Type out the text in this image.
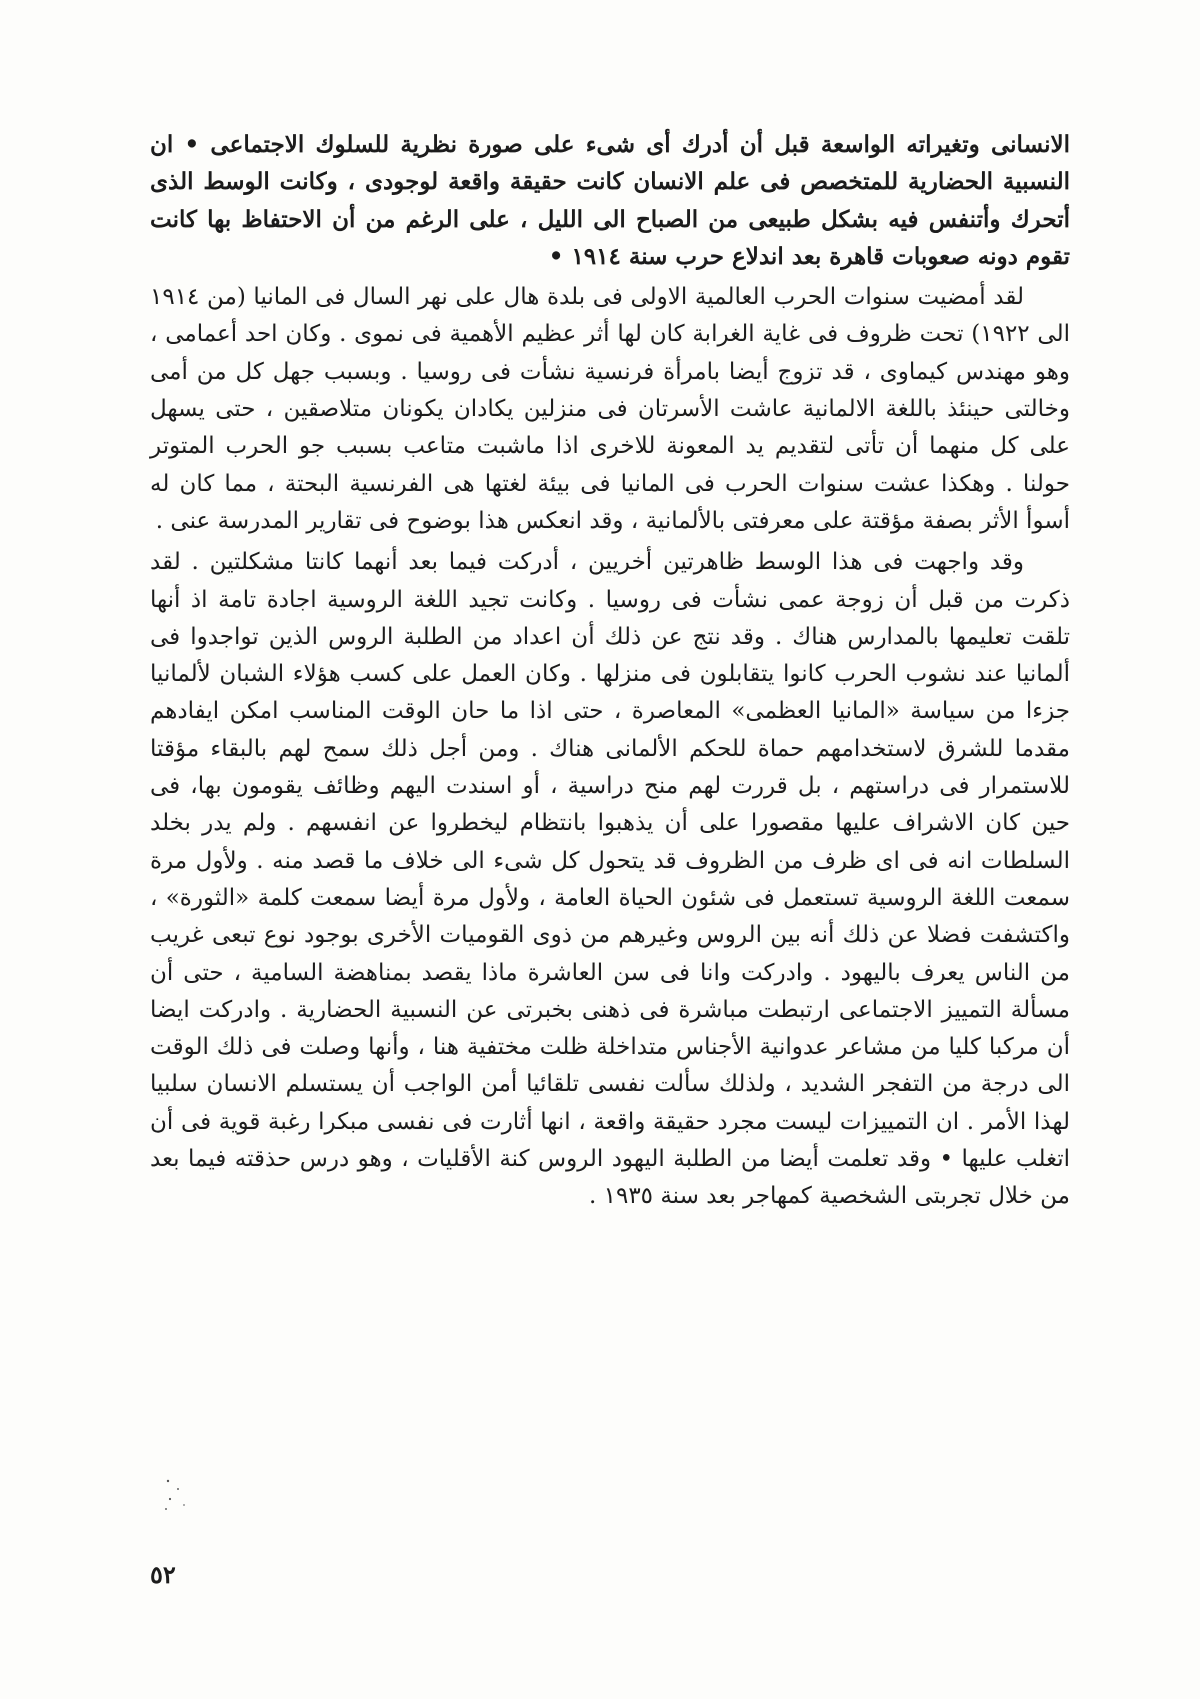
الانسانى وتغيراته الواسعة قبل أن أدرك أى شىء على صورة نظرية للسلوك الاجتماعى • ان النسبية الحضارية للمتخصص فى علم الانسان كانت حقيقة واقعة لوجودى ، وكانت الوسط الذى أتحرك وأتنفس فيه بشكل طبيعى من الصباح الى الليل ، على الرغم من أن الاحتفاظ بها كانت تقوم دونه صعوبات قاهرة بعد اندلاع حرب سنة ١٩١٤ •

لقد أمضيت سنوات الحرب العالمية الاولى فى بلدة هال على نهر السال فى المانيا (من ١٩١٤ الى ١٩٢٢) تحت ظروف فى غاية الغرابة كان لها أثر عظيم الأهمية فى نموى . وكان احد أعمامى ، وهو مهندس كيماوى ، قد تزوج أيضا بامرأة فرنسية نشأت فى روسيا . وبسبب جهل كل من أمى وخالتى حينئذ باللغة الالمانية عاشت الأسرتان فى منزلين يكادان يكونان متلاصقين ، حتى يسهل على كل منهما أن تأتى لتقديم يد المعونة للاخرى اذا ماشبت متاعب بسبب جو الحرب المتوتر حولنا . وهكذا عشت سنوات الحرب فى المانيا فى بيئة لغتها هى الفرنسية البحتة ، مما كان له أسوأ الأثر بصفة مؤقتة على معرفتى بالألمانية ، وقد انعكس هذا بوضوح فى تقارير المدرسة عنى .

وقد واجهت فى هذا الوسط ظاهرتين أخريين ، أدركت فيما بعد أنهما كانتا مشكلتين . لقد ذكرت من قبل أن زوجة عمى نشأت فى روسيا . وكانت تجيد اللغة الروسية اجادة تامة اذ أنها تلقت تعليمها بالمدارس هناك . وقد نتج عن ذلك أن اعداد من الطلبة الروس الذين تواجدوا فى ألمانيا عند نشوب الحرب كانوا يتقابلون فى منزلها . وكان العمل على كسب هؤلاء الشبان لألمانيا جزءا من سياسة «المانيا العظمى» المعاصرة ، حتى اذا ما حان الوقت المناسب امكن ايفادهم مقدما للشرق لاستخدامهم حماة للحكم الألمانى هناك . ومن أجل ذلك سمح لهم بالبقاء مؤقتا للاستمرار فى دراستهم ، بل قررت لهم منح دراسية ، أو اسندت اليهم وظائف يقومون بها، فى حين كان الاشراف عليها مقصورا على أن يذهبوا بانتظام ليخطروا عن انفسهم . ولم يدر بخلد السلطات انه فى اى ظرف من الظروف قد يتحول كل شىء الى خلاف ما قصد منه . ولأول مرة سمعت اللغة الروسية تستعمل فى شئون الحياة العامة ، ولأول مرة أيضا سمعت كلمة «الثورة» ، واكتشفت فضلا عن ذلك أنه بين الروس وغيرهم من ذوى القوميات الأخرى بوجود نوع تبعى غريب من الناس يعرف باليهود . وادركت وانا فى سن العاشرة ماذا يقصد بمناهضة السامية ، حتى أن مسألة التمييز الاجتماعى ارتبطت مباشرة فى ذهنى بخبرتى عن النسبية الحضارية . وادركت ايضا أن مركبا كليا من مشاعر عدوانية الأجناس متداخلة ظلت مختفية هنا ، وأنها وصلت فى ذلك الوقت الى درجة من التفجر الشديد ، ولذلك سألت نفسى تلقائيا أمن الواجب أن يستسلم الانسان سلبيا لهذا الأمر . ان التمييزات ليست مجرد حقيقة واقعة ، انها أثارت فى نفسى مبكرا رغبة قوية فى أن اتغلب عليها • وقد تعلمت أيضا من الطلبة اليهود الروس كنة الأقليات ، وهو درس حذقته فيما بعد من خلال تجربتى الشخصية كمهاجر بعد سنة ١٩٣٥ .

٥٢
